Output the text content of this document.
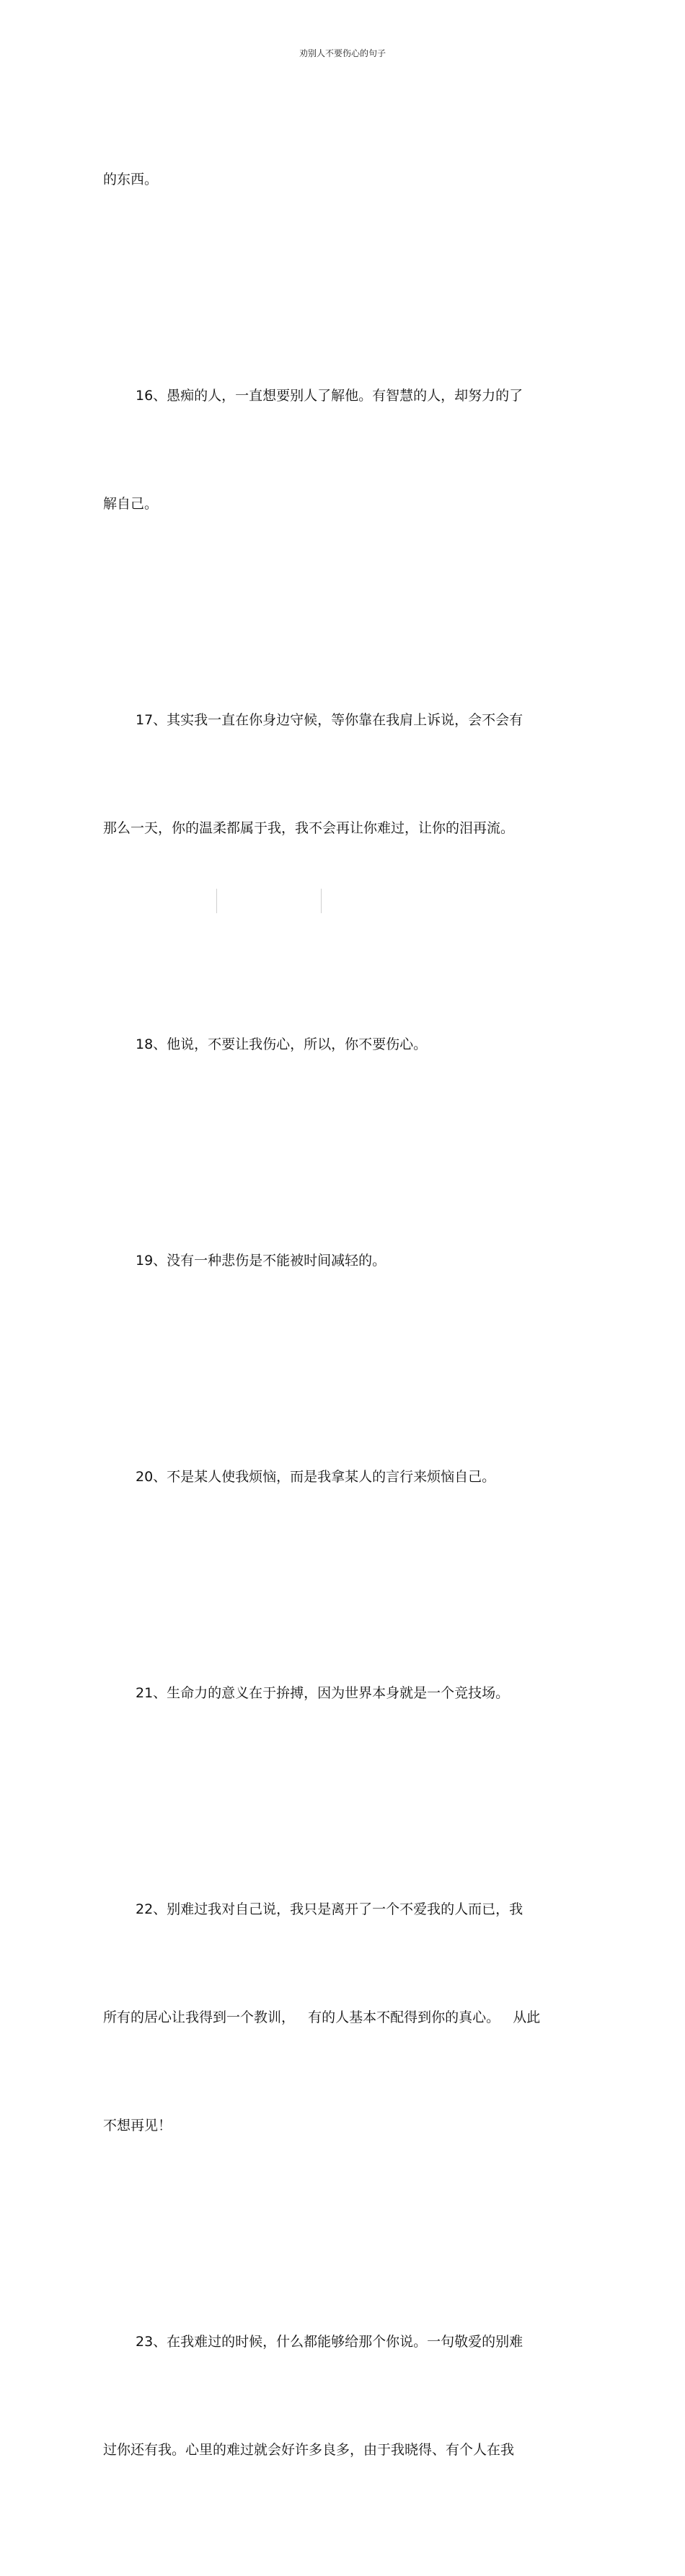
劝别人不要伤心的句子

的东西。

16、愚痴的人，一直想要别人了解他。有智慧的人，却努力的了

解自己。

17、其实我一直在你身边守候，等你靠在我肩上诉说，会不会有

那么一天，你的温柔都属于我，我不会再让你难过，让你的泪再流。

18、他说，不要让我伤心，所以，你不要伤心。

19、没有一种悲伤是不能被时间减轻的。

20、不是某人使我烦恼，而是我拿某人的言行来烦恼自己。

21、生命力的意义在于拚搏，因为世界本身就是一个竞技场。

22、别难过我对自己说，我只是离开了一个不爱我的人而已，我

所有的居心让我得到一个教训，   有的人基本不配得到你的真心。   从此

不想再见！

23、在我难过的时候，什么都能够给那个你说。一句敬爱的别难

过你还有我。心里的难过就会好许多良多，由于我晓得、有个人在我
